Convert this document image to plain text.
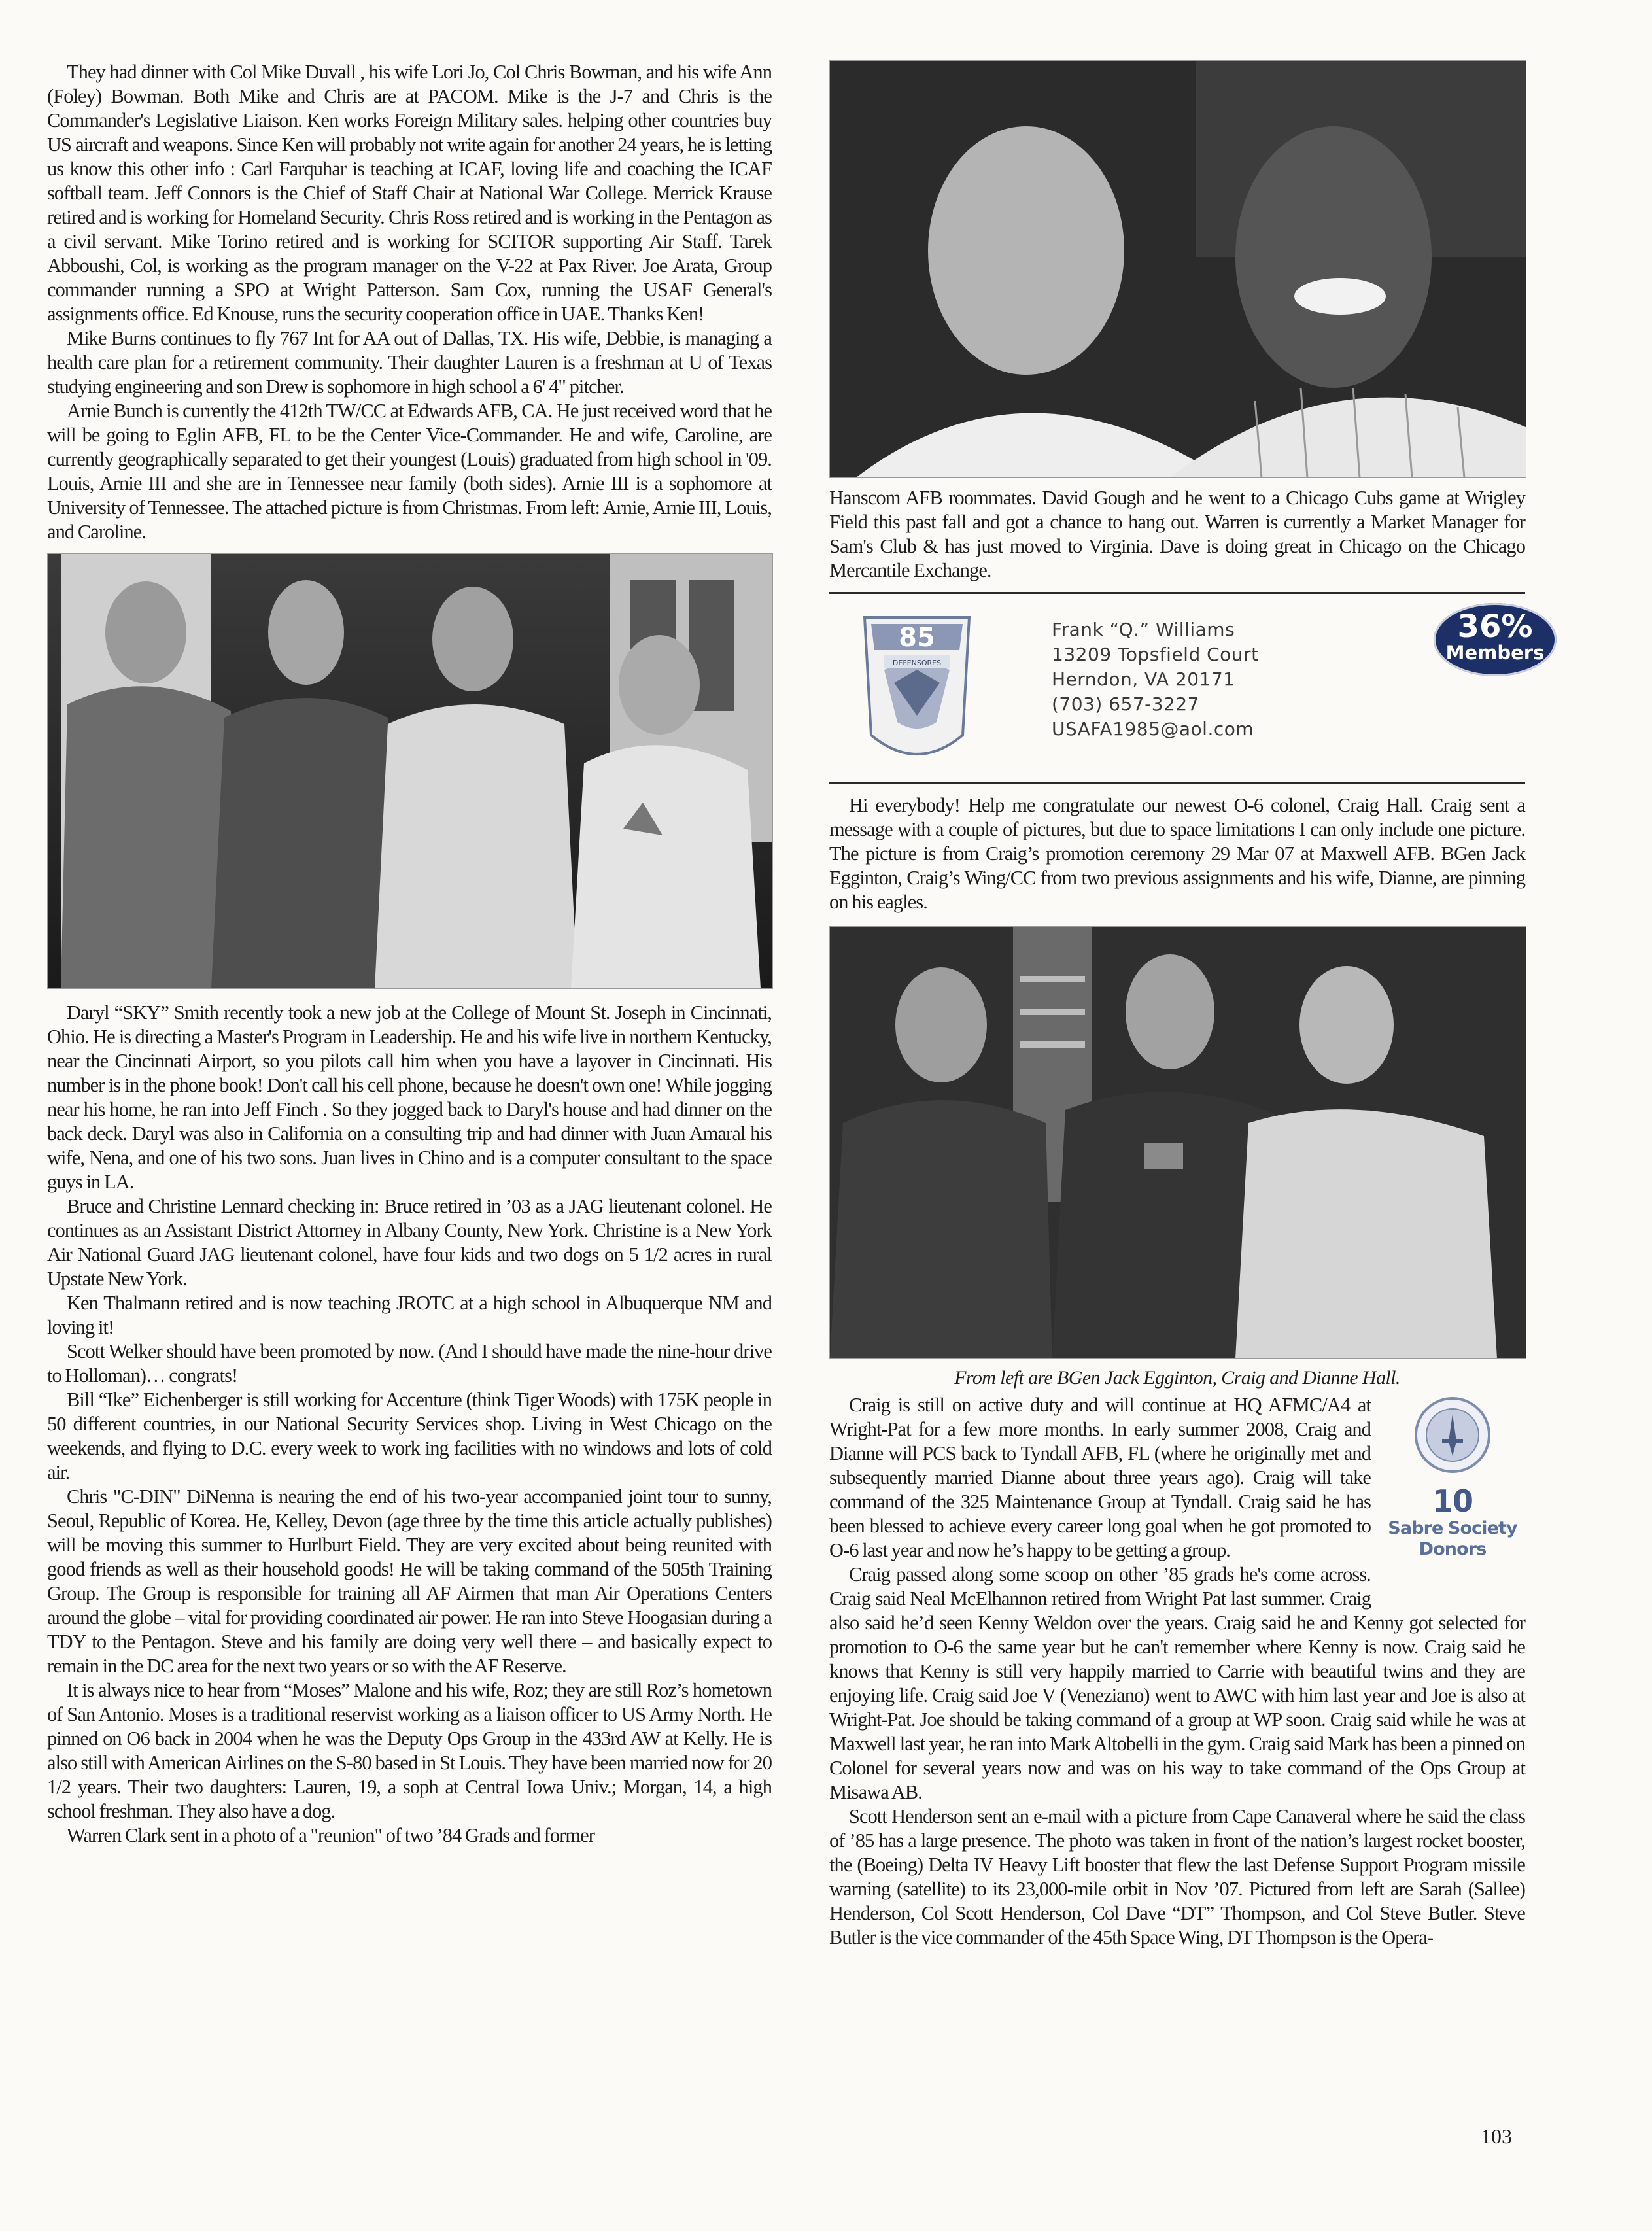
They had dinner with Col Mike Duvall , his wife Lori Jo, Col Chris Bowman, and his wife Ann (Foley) Bowman. Both Mike and Chris are at PACOM. Mike is the J-7 and Chris is the Commander's Legislative Liaison. Ken works Foreign Military sales. helping other countries buy US aircraft and weapons. Since Ken will probably not write again for another 24 years, he is letting us know this other info : Carl Farquhar is teaching at ICAF, loving life and coaching the ICAF softball team. Jeff Connors is the Chief of Staff Chair at National War College. Merrick Krause retired and is working for Homeland Security. Chris Ross retired and is working in the Pentagon as a civil servant. Mike Torino retired and is working for SCITOR supporting Air Staff. Tarek Abboushi, Col, is working as the program manager on the V-22 at Pax River. Joe Arata, Group commander running a SPO at Wright Patterson. Sam Cox, running the USAF General's assignments office. Ed Knouse, runs the security cooperation office in UAE. Thanks Ken!

Mike Burns continues to fly 767 Int for AA out of Dallas, TX. His wife, Debbie, is managing a health care plan for a retirement community. Their daughter Lauren is a freshman at U of Texas studying engineering and son Drew is sophomore in high school a 6' 4" pitcher.

Arnie Bunch is currently the 412th TW/CC at Edwards AFB, CA. He just received word that he will be going to Eglin AFB, FL to be the Center Vice-Commander. He and wife, Caroline, are currently geographically separated to get their youngest (Louis) graduated from high school in '09. Louis, Arnie III and she are in Tennessee near family (both sides). Arnie III is a sophomore at University of Tennessee. The attached picture is from Christmas. From left: Arnie, Arnie III, Louis, and Caroline.

Daryl “SKY” Smith recently took a new job at the College of Mount St. Joseph in Cincinnati, Ohio. He is directing a Master's Program in Leadership. He and his wife live in northern Kentucky, near the Cincinnati Airport, so you pilots call him when you have a layover in Cincinnati. His number is in the phone book! Don't call his cell phone, because he doesn't own one! While jogging near his home, he ran into Jeff Finch . So they jogged back to Daryl's house and had dinner on the back deck. Daryl was also in California on a consulting trip and had dinner with Juan Amaral his wife, Nena, and one of his two sons. Juan lives in Chino and is a computer consultant to the space guys in LA.

Bruce and Christine Lennard checking in: Bruce retired in ’03 as a JAG lieutenant colonel. He continues as an Assistant District Attorney in Albany County, New York. Christine is a New York Air National Guard JAG lieutenant colonel, have four kids and two dogs on 5 1/2 acres in rural Upstate New York.

Ken Thalmann retired and is now teaching JROTC at a high school in Albuquerque NM and loving it!

Scott Welker should have been promoted by now. (And I should have made the nine-hour drive to Holloman)… congrats!

Bill “Ike” Eichenberger is still working for Accenture (think Tiger Woods) with 175K people in 50 different countries, in our National Security Services shop. Living in West Chicago on the weekends, and flying to D.C. every week to work ing facilities with no windows and lots of cold air.

Chris "C-DIN" DiNenna is nearing the end of his two-year accompanied joint tour to sunny, Seoul, Republic of Korea. He, Kelley, Devon (age three by the time this article actually publishes) will be moving this summer to Hurlburt Field. They are very excited about being reunited with good friends as well as their household goods! He will be taking command of the 505th Training Group. The Group is responsible for training all AF Airmen that man Air Operations Centers around the globe – vital for providing coordinated air power. He ran into Steve Hoogasian during a TDY to the Pentagon. Steve and his family are doing very well there – and basically expect to remain in the DC area for the next two years or so with the AF Reserve.

It is always nice to hear from “Moses” Malone and his wife, Roz; they are still Roz’s hometown of San Antonio. Moses is a traditional reservist working as a liaison officer to US Army North. He pinned on O6 back in 2004 when he was the Deputy Ops Group in the 433rd AW at Kelly. He is also still with American Airlines on the S-80 based in St Louis. They have been married now for 20 1/2 years. Their two daughters: Lauren, 19, a soph at Central Iowa Univ.; Morgan, 14, a high school freshman. They also have a dog.

Warren Clark sent in a photo of a "reunion" of two ’84 Grads and former

Hanscom AFB roommates. David Gough and he went to a Chicago Cubs game at Wrigley Field this past fall and got a chance to hang out. Warren is currently a Market Manager for Sam's Club & has just moved to Virginia. Dave is doing great in Chicago on the Chicago Mercantile Exchange.

85
DEFENSORES
Frank “Q.” Williams
13209 Topsfield Court
Herndon, VA 20171
(703) 657-3227
USAFA1985@aol.com
36%
Members

Hi everybody! Help me congratulate our newest O-6 colonel, Craig Hall. Craig sent a message with a couple of pictures, but due to space limitations I can only include one picture. The picture is from Craig’s promotion ceremony 29 Mar 07 at Maxwell AFB. BGen Jack Egginton, Craig’s Wing/CC from two previous assignments and his wife, Dianne, are pinning on his eagles.

From left are BGen Jack Egginton, Craig and Dianne Hall.
10
Sabre Society
Donors

Craig is still on active duty and will continue at HQ AFMC/A4 at Wright-Pat for a few more months. In early summer 2008, Craig and Dianne will PCS back to Tyndall AFB, FL (where he originally met and subsequently married Dianne about three years ago). Craig will take command of the 325 Maintenance Group at Tyndall. Craig said he has been blessed to achieve every career long goal when he got promoted to O-6 last year and now he’s happy to be getting a group.

Craig passed along some scoop on other ’85 grads he's come across. Craig said Neal McElhannon retired from Wright Pat last summer. Craig also said he’d seen Kenny Weldon over the years. Craig said he and Kenny got selected for promotion to O-6 the same year but he can't remember where Kenny is now. Craig said he knows that Kenny is still very happily married to Carrie with beautiful twins and they are enjoying life. Craig said Joe V (Veneziano) went to AWC with him last year and Joe is also at Wright-Pat. Joe should be taking command of a group at WP soon. Craig said while he was at Maxwell last year, he ran into Mark Altobelli in the gym. Craig said Mark has been a pinned on Colonel for several years now and was on his way to take command of the Ops Group at Misawa AB.

Scott Henderson sent an e-mail with a picture from Cape Canaveral where he said the class of ’85 has a large presence. The photo was taken in front of the nation’s largest rocket booster, the (Boeing) Delta IV Heavy Lift booster that flew the last Defense Support Program missile warning (satellite) to its 23,000-mile orbit in Nov ’07. Pictured from left are Sarah (Sallee) Henderson, Col Scott Henderson, Col Dave “DT” Thompson, and Col Steve Butler. Steve Butler is the vice commander of the 45th Space Wing, DT Thompson is the Opera-

103
